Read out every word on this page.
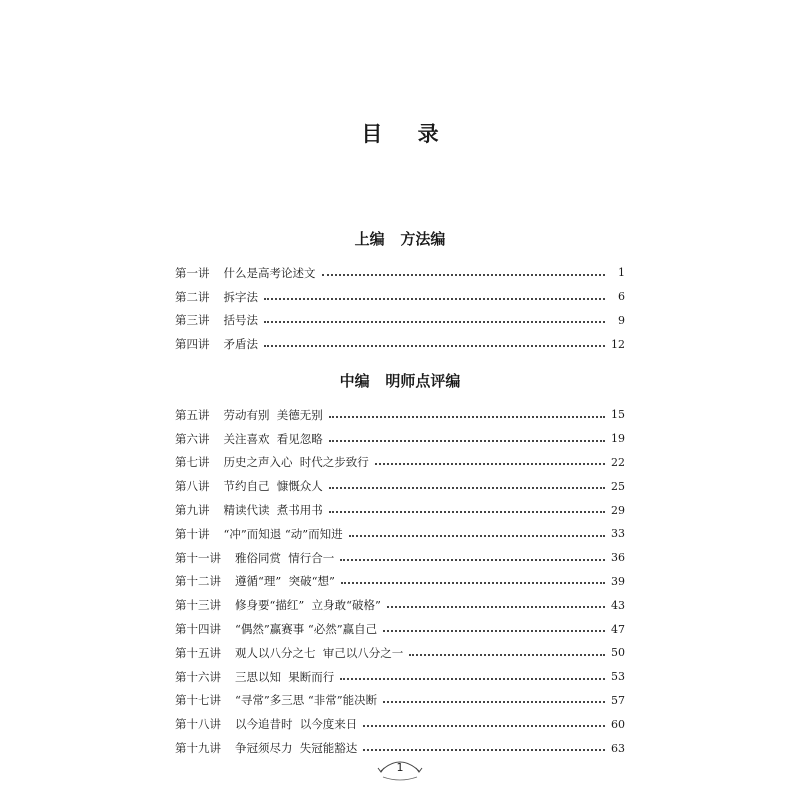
目 录
上编   方法编
第一讲 什么是高考论述文	1
第二讲 拆字法	6
第三讲 括号法	9
第四讲 矛盾法	12
中编   明师点评编
第五讲 劳动有别  美德无别	15
第六讲 关注喜欢  看见忽略	19
第七讲 历史之声入心  时代之步致行	22
第八讲 节约自己  慷慨众人	25
第九讲 精读代读  煮书用书	29
第十讲 “冲”而知退 “动”而知进	33
第十一讲 雅俗同赏  情行合一	36
第十二讲 遵循“理”  突破“想”	39
第十三讲 修身要“描红”  立身敢“破格”	43
第十四讲 “偶然”赢赛事 “必然”赢自己	47
第十五讲 观人以八分之七  审己以八分之一	50
第十六讲 三思以知  果断而行	53
第十七讲 “寻常”多三思 “非常”能决断	57
第十八讲 以今追昔时  以今度来日	60
第十九讲 争冠须尽力  失冠能豁达	63
1
